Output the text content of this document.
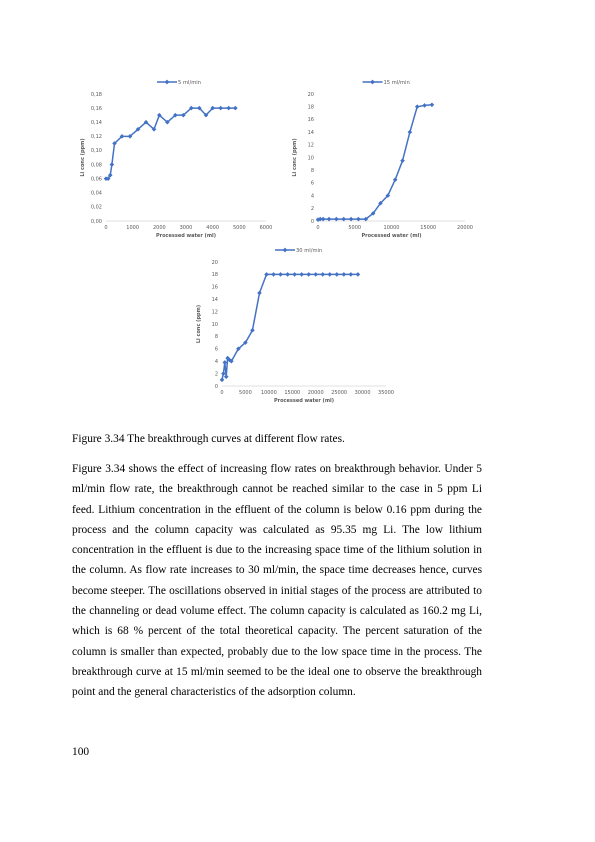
5 ml/min
0,00
0,02
0,04
0,06
0,08
0,10
0,12
0,14
0,16
0,18
0	1000	2000	3000	4000	5000	6000
Processed water (ml)
Li conc (ppm)
15 ml/min
0
2
4
6
8
10
12
14
16
18
20
0	5000	10000	15000	20000
Processed water (ml)
Li conc (ppm)
30 ml/min
0
2
4
6
8
10
12
14
16
18
20
0	5000 10000 15000 20000 25000 30000 35000
Processed water (ml)
Li conc (ppm)
Figure 3.34 The breakthrough curves at different flow rates.
Figure 3.34 shows the effect of increasing flow rates on breakthrough behavior. Under 5 ml/min flow rate, the breakthrough cannot be reached similar to the case in 5 ppm Li feed. Lithium concentration in the effluent of the column is below 0.16 ppm during the process and the column capacity was calculated as 95.35 mg Li. The low lithium concentration in the effluent is due to the increasing space time of the lithium solution in the column. As flow rate increases to 30 ml/min, the space time decreases hence, curves become steeper. The oscillations observed in initial stages of the process are attributed to the channeling or dead volume effect. The column capacity is calculated as 160.2 mg Li, which is 68 % percent of the total theoretical capacity. The percent saturation of the column is smaller than expected, probably due to the low space time in the process. The breakthrough curve at 15 ml/min seemed to be the ideal one to observe the breakthrough point and the general characteristics of the adsorption column.
100
